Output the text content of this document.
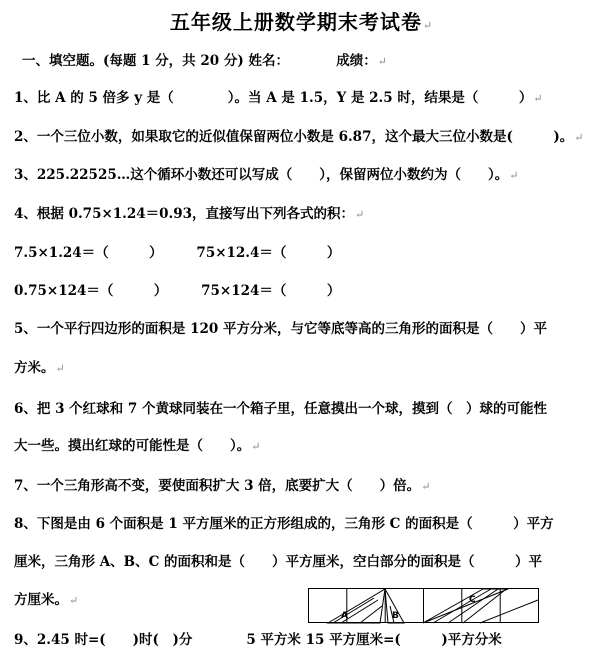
五年级上册数学期末考试卷↵
一、填空题。(每题 1 分，共 20 分) 姓名：　　　　成绩：↵
1、比 A 的 5 倍多 y 是（　　　　）。当 A 是 1.5，Y 是 2.5 时，结果是（　　　）↵
2、一个三位小数，如果取它的近似值保留两位小数是 6.87，这个最大三位小数是(　　　)。↵
3、225.22525…这个循环小数还可以写成（　　），保留两位小数约为（　　）。↵
4、根据 0.75×1.24＝0.93，直接写出下列各式的积：↵
7.5×1.24＝（　　　）　　　75×12.4＝（　　　）
0.75×124＝（　　　）　　　75×124＝（　　　）
5、一个平行四边形的面积是 120 平方分米，与它等底等高的三角形的面积是（　　）平
方米。↵
6、把 3 个红球和 7 个黄球同装在一个箱子里，任意摸出一个球，摸到（　）球的可能性
大一些。摸出红球的可能性是（　　）。↵
7、一个三角形高不变，要使面积扩大 3 倍，底要扩大（　　）倍。↵
8、下图是由 6 个面积是 1 平方厘米的正方形组成的，三角形 C 的面积是（　　　）平方
厘米，三角形 A、B、C 的面积和是（　　）平方厘米，空白部分的面积是（　　　）平
方厘米。↵
9、2.45 时=(　　)时(　)分　　　　5 平方米 15 平方厘米=(　　　)平方分米
A	B
C
